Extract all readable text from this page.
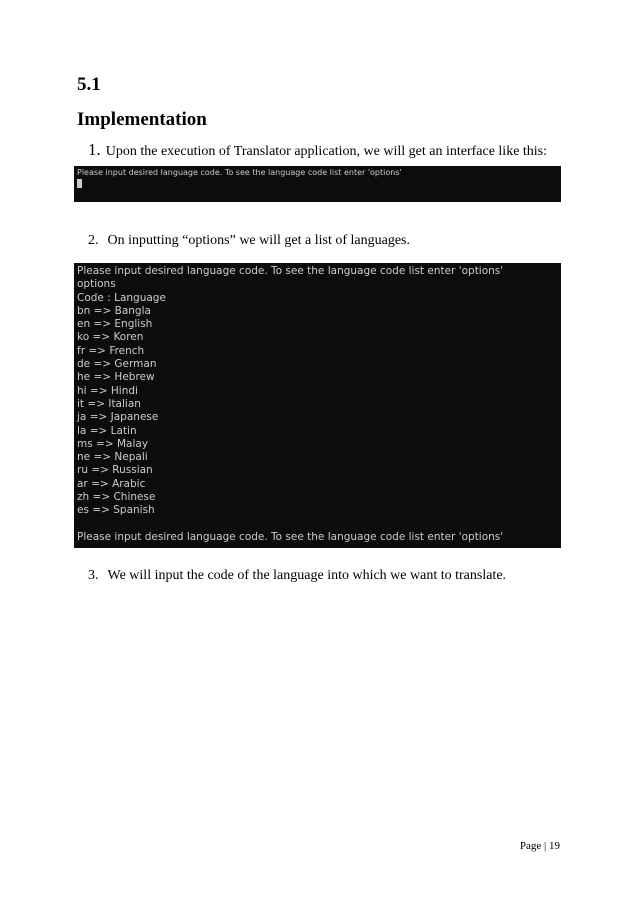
5.1
Implementation
1. Upon the execution of Translator application, we will get an interface like this:
Please input desired language code. To see the language code list enter 'options'
2. On inputting “options” we will get a list of languages.
Please input desired language code. To see the language code list enter 'options'
options
Code : Language
bn => Bangla
en => English
ko => Koren
fr => French
de => German
he => Hebrew
hi => Hindi
it => Italian
ja => Japanese
la => Latin
ms => Malay
ne => Nepali
ru => Russian
ar => Arabic
zh => Chinese
es => Spanish
Please input desired language code. To see the language code list enter 'options'
3. We will input the code of the language into which we want to translate.
Page | 19
